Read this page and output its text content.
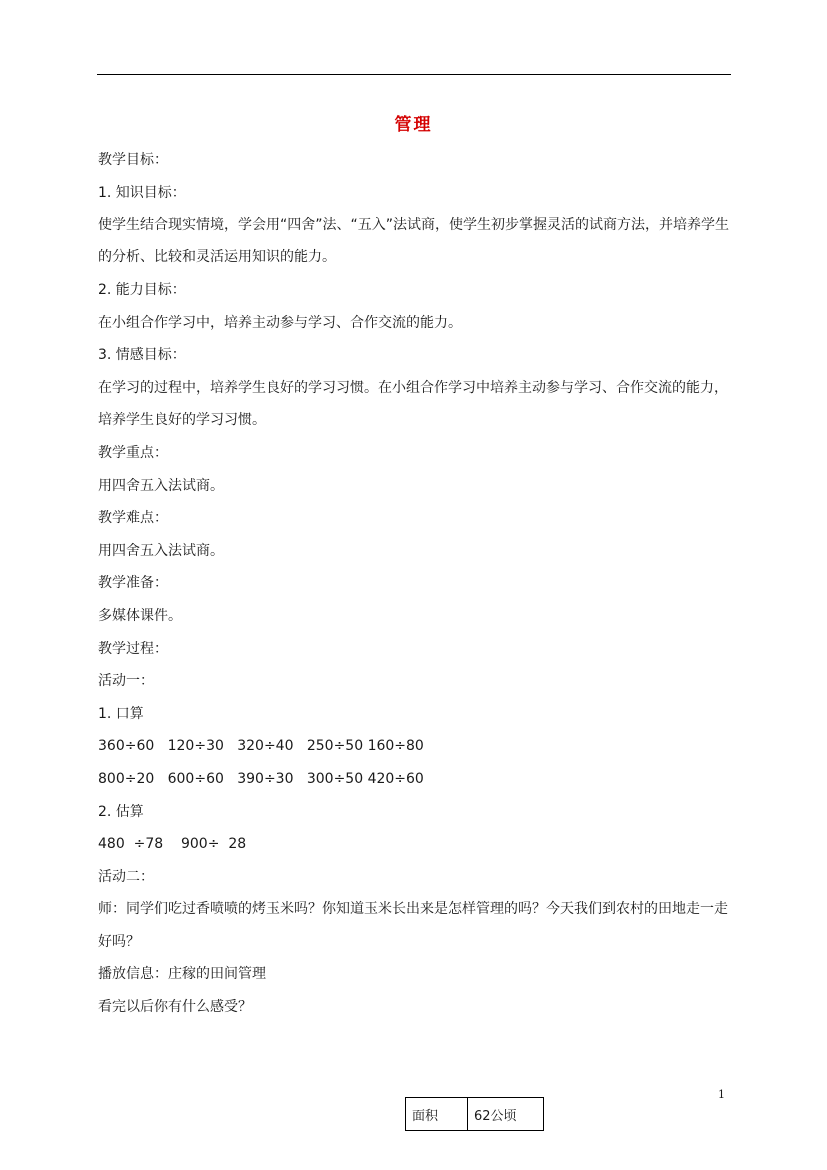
管理
教学目标：
1. 知识目标：
使学生结合现实情境，学会用“四舍”法、“五入”法试商，使学生初步掌握灵活的试商方法，并培养学生的分析、比较和灵活运用知识的能力。
2. 能力目标：
在小组合作学习中，培养主动参与学习、合作交流的能力。
3. 情感目标：
在学习的过程中，培养学生良好的学习习惯。在小组合作学习中培养主动参与学习、合作交流的能力，培养学生良好的学习习惯。
教学重点：
用四舍五入法试商。
教学难点：
用四舍五入法试商。
教学准备：
多媒体课件。
教学过程：
活动一：
1. 口算
360÷60   120÷30   320÷40   250÷50 160÷80
800÷20   600÷60   390÷30   300÷50 420÷60
2. 估算
480  ÷78    900÷  28
活动二：
师：同学们吃过香喷喷的烤玉米吗？你知道玉米长出来是怎样管理的吗？今天我们到农村的田地走一走好吗？
播放信息：庄稼的田间管理
看完以后你有什么感受？
1
面积	62公顷
